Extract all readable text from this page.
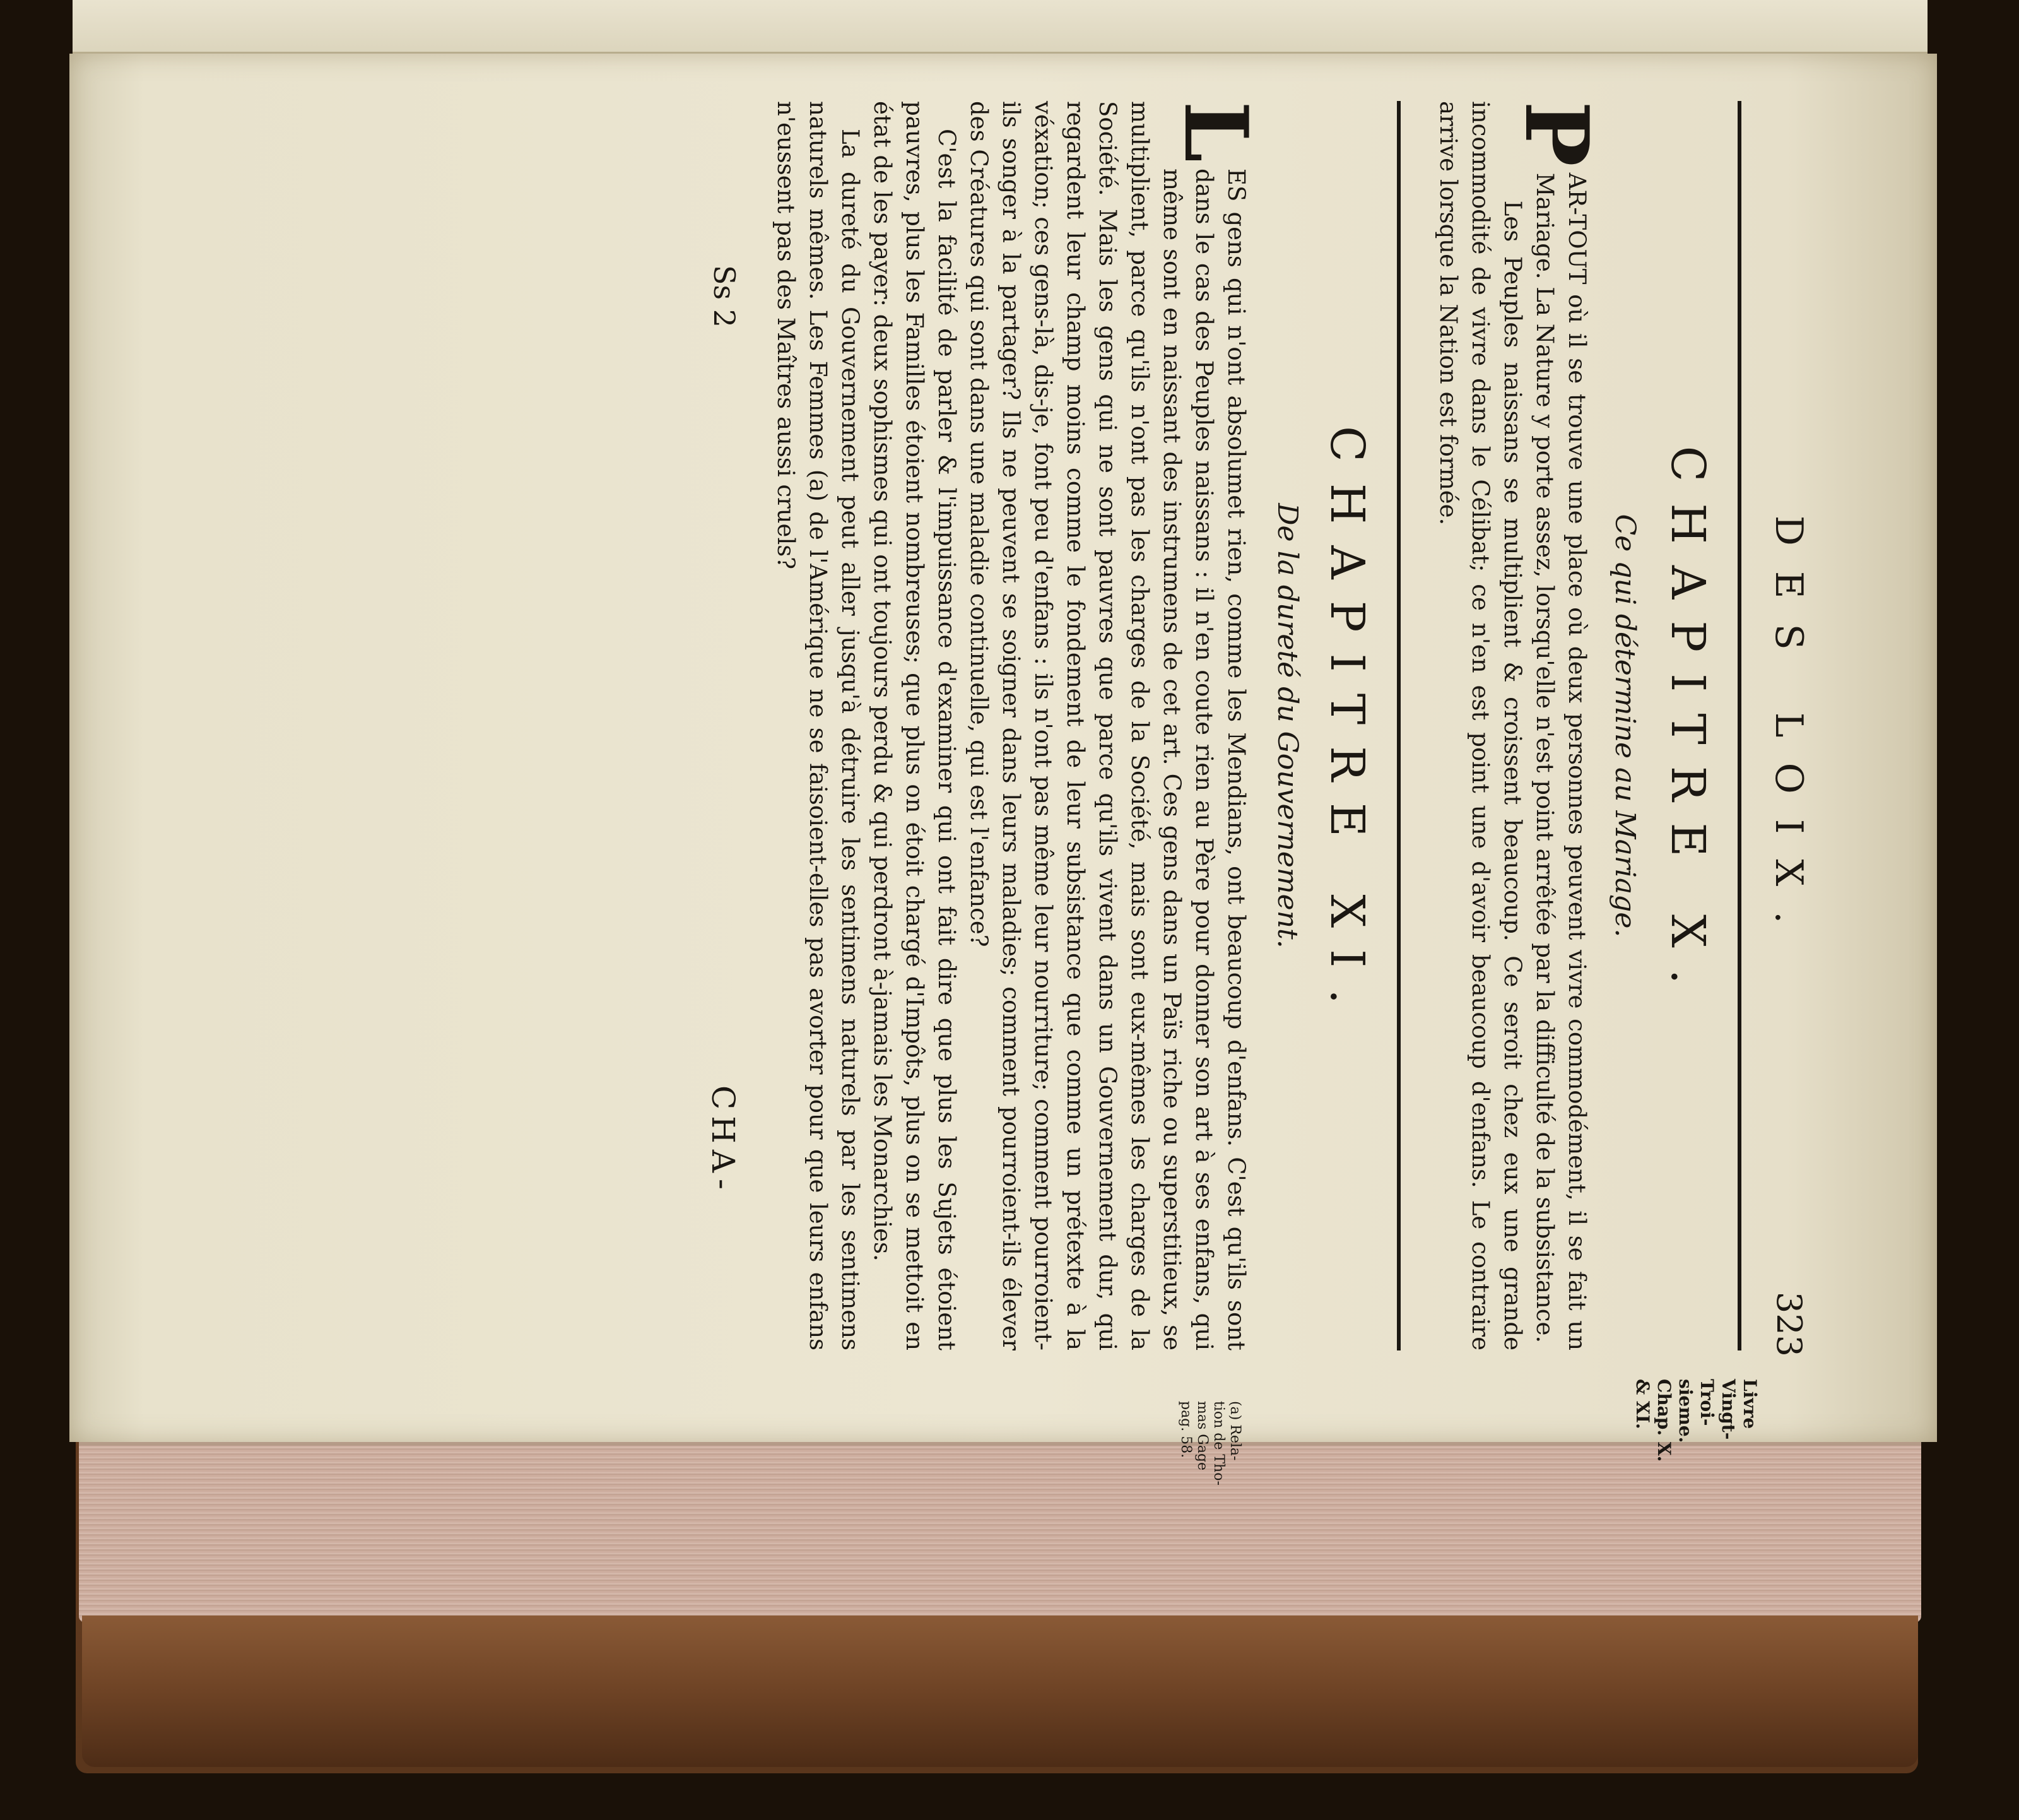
DES LOIX.
323
Livre
Vingt-
Troi-
sieme.
Chap. X.
& XI.
CHAPITRE X.
Ce qui détermine au Mariage.

P
AR-TOUT où il se trouve une place où deux personnes peuvent vivre commodément, il se fait un Mariage. La Nature y porte assez, lorsqu'elle n'est point arrêtée par la difficulté de la subsistance.

Les Peuples naissans se multiplient & croissent beaucoup. Ce seroit chez eux une grande incommodité de vivre dans le Célibat; ce n'en est point une d'avoir beaucoup d'enfans. Le contraire arrive lorsque la Nation est formée.

CHAPITRE XI.
De la dureté du Gouvernement.

L
ES gens qui n'ont absolumet rien, comme les Mendians, ont beaucoup d'enfans. C'est qu'ils sont dans le cas des Peuples naissans : il n'en coute rien au Père pour donner son art à ses enfans, qui même sont en naissant des instrumens de cet art. Ces gens dans un Païs riche ou superstitieux, se multiplient, parce qu'ils n'ont pas les charges de la Société, mais sont eux-mêmes les charges de la Société. Mais les gens qui ne sont pauvres que parce qu'ils vivent dans un Gouvernement dur, qui regardent leur champ moins comme le fondement de leur subsistance que comme un prétexte à la véxation; ces gens-là, dis-je, font peu d'enfans : ils n'ont pas même leur nourriture; comment pourroient-ils songer à la partager? Ils ne peuvent se soigner dans leurs maladies; comment pourroient-ils élever des Créatures qui sont dans une maladie continuelle, qui est l'enfance?

C'est la facilité de parler & l'impuissance d'examiner qui ont fait dire que plus les Sujets étoient pauvres, plus les Familles étoient nombreuses; que plus on étoit chargé d'Impôts, plus on se mettoit en état de les payer: deux sophismes qui ont toujours perdu & qui perdront à-jamais les Monarchies.

La dureté du Gouvernement peut aller jusqu'à détruire les sentimens naturels par les sentimens naturels mêmes. Les Femmes (a) de l'Amérique ne se faisoient-elles pas avorter pour que leurs enfans n'eussent pas des Maîtres aussi cruels?

(a) Rela-
tion de Tho-
mas Gage
pag. 58.
Ss 2
CHA-
